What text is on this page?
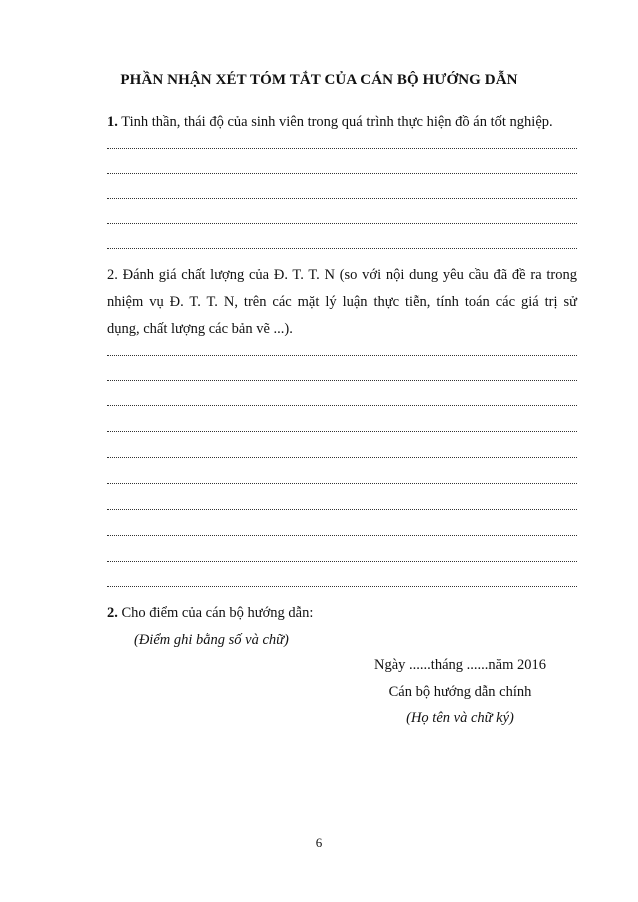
PHẦN NHẬN XÉT TÓM TẮT CỦA CÁN BỘ HƯỚNG DẪN
1. Tinh thần, thái độ của sinh viên trong quá trình thực hiện đồ án tốt nghiệp.
2. Đánh giá chất lượng của Đ. T. T. N (so với nội dung yêu cầu đã đề ra trong
nhiệm vụ Đ. T. T. N, trên các mặt lý luận thực tiễn, tính toán các giá trị sử
dụng, chất lượng các bản vẽ ...).
2. Cho điểm của cán bộ hướng dẫn:
(Điểm ghi bằng số và chữ)
Ngày ......tháng ......năm 2016
Cán bộ hướng dẫn chính
(Họ tên và chữ ký)
6
